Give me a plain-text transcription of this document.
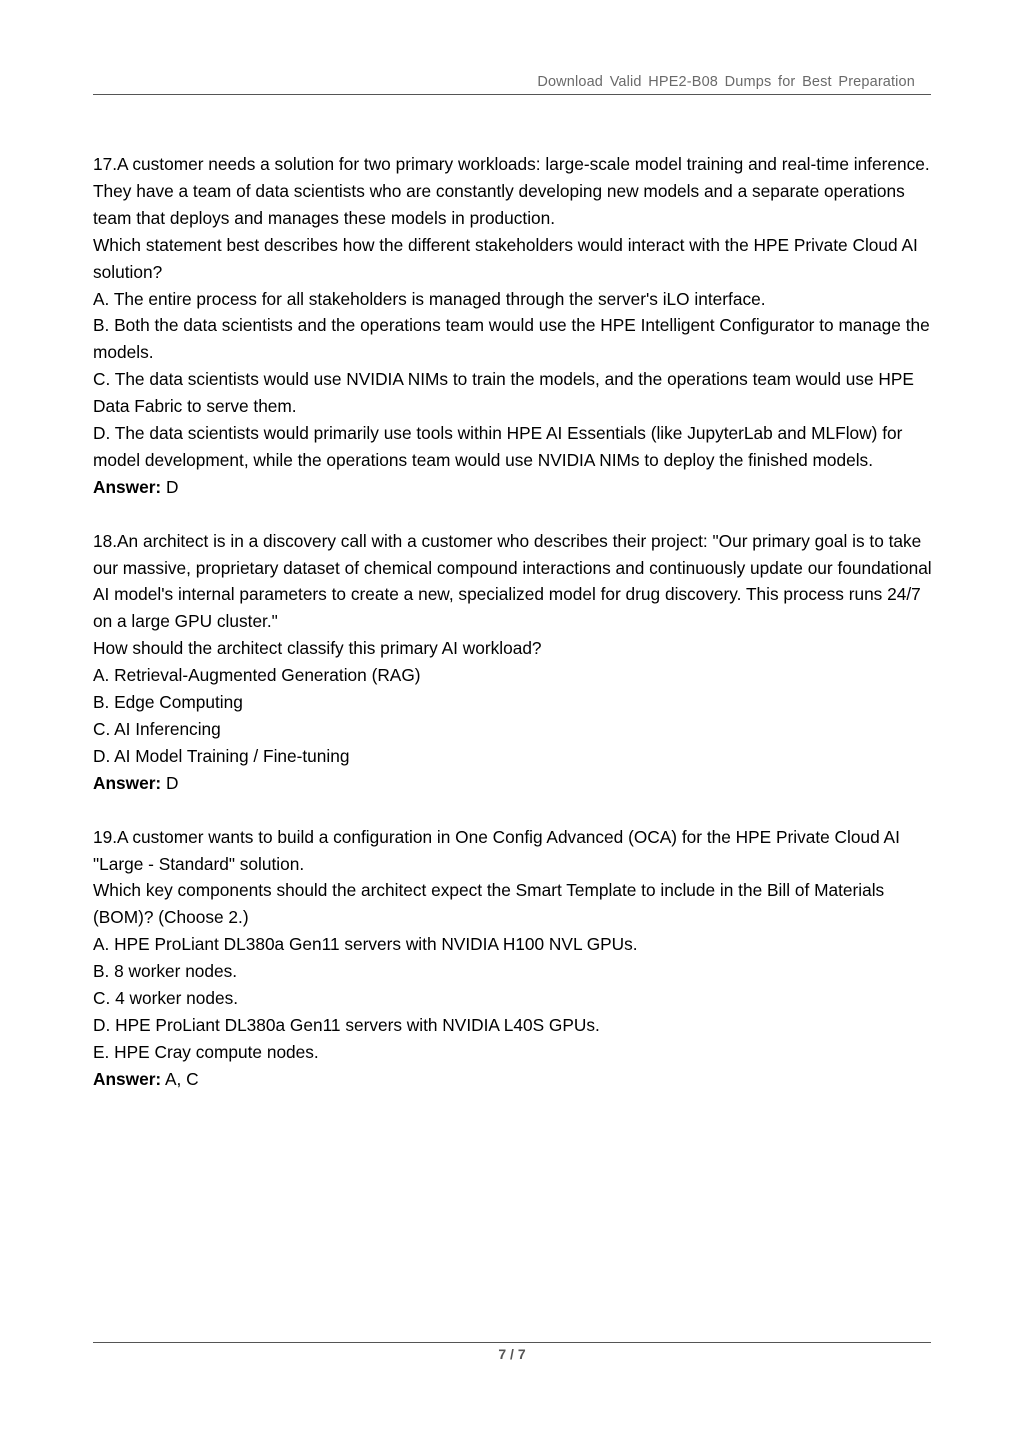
Download Valid HPE2-B08 Dumps for Best Preparation

17.A customer needs a solution for two primary workloads: large-scale model training and real-time inference. They have a team of data scientists who are constantly developing new models and a separate operations team that deploys and manages these models in production.

Which statement best describes how the different stakeholders would interact with the HPE Private Cloud AI solution?

A. The entire process for all stakeholders is managed through the server's iLO interface.

B. Both the data scientists and the operations team would use the HPE Intelligent Configurator to manage the models.

C. The data scientists would use NVIDIA NIMs to train the models, and the operations team would use HPE Data Fabric to serve them.

D. The data scientists would primarily use tools within HPE AI Essentials (like JupyterLab and MLFlow) for model development, while the operations team would use NVIDIA NIMs to deploy the finished models.

Answer: D

18.An architect is in a discovery call with a customer who describes their project: "Our primary goal is to take our massive, proprietary dataset of chemical compound interactions and continuously update our foundational AI model's internal parameters to create a new, specialized model for drug discovery. This process runs 24/7 on a large GPU cluster."

How should the architect classify this primary AI workload?

A. Retrieval-Augmented Generation (RAG)

B. Edge Computing

C. AI Inferencing

D. AI Model Training / Fine-tuning

Answer: D

19.A customer wants to build a configuration in One Config Advanced (OCA) for the HPE Private Cloud AI "Large - Standard" solution.

Which key components should the architect expect the Smart Template to include in the Bill of Materials (BOM)? (Choose 2.)

A. HPE ProLiant DL380a Gen11 servers with NVIDIA H100 NVL GPUs.

B. 8 worker nodes.

C. 4 worker nodes.

D. HPE ProLiant DL380a Gen11 servers with NVIDIA L40S GPUs.

E. HPE Cray compute nodes.

Answer: A, C

7 / 7
